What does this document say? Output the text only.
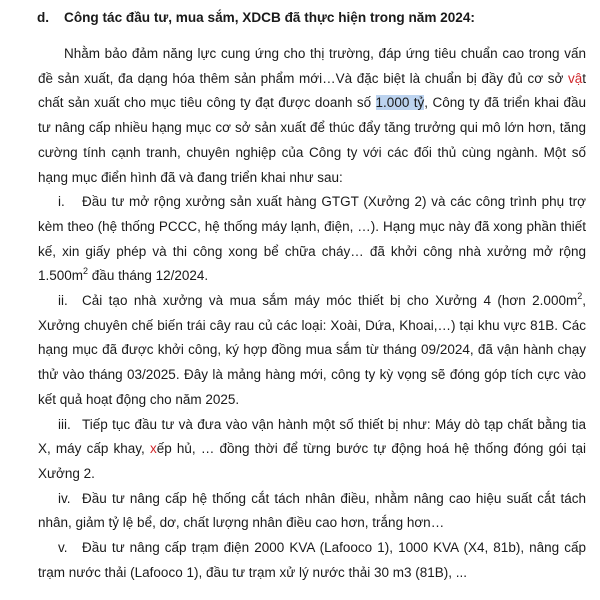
d. Công tác đầu tư, mua sắm, XDCB đã thực hiện trong năm 2024:

Nhằm bảo đảm năng lực cung ứng cho thị trường, đáp ứng tiêu chuẩn cao trong vấn đề sản xuất, đa dạng hóa thêm sản phẩm mới…Và đặc biệt là chuẩn bị đầy đủ cơ sở vật chất sản xuất cho mục tiêu công ty đạt được doanh số 1.000 tỷ, Công ty đã triển khai đầu tư nâng cấp nhiều hạng mục cơ sở sản xuất để thúc đẩy tăng trưởng qui mô lớn hơn, tăng cường tính cạnh tranh, chuyên nghiệp của Công ty với các đối thủ cùng ngành. Một số hạng mục điển hình đã và đang triển khai như sau:

i. Đầu tư mở rộng xưởng sản xuất hàng GTGT (Xưởng 2) và các công trình phụ trợ kèm theo (hệ thống PCCC, hệ thống máy lạnh, điện, …). Hạng mục này đã xong phần thiết kế, xin giấy phép và thi công xong bể chữa cháy… đã khởi công nhà xưởng mở rộng $1.500m^2$ đầu tháng 12/2024.

ii. Cải tạo nhà xưởng và mua sắm máy móc thiết bị cho Xưởng 4 (hơn $2.000m^2$, Xưởng chuyên chế biến trái cây rau củ các loại: Xoài, Dứa, Khoai,…) tại khu vực 81B. Các hạng mục đã được khởi công, ký hợp đồng mua sắm từ tháng 09/2024, đã vận hành chạy thử vào tháng 03/2025. Đây là mảng hàng mới, công ty kỳ vọng sẽ đóng góp tích cực vào kết quả hoạt động cho năm 2025.

iii. Tiếp tục đầu tư và đưa vào vận hành một số thiết bị như: Máy dò tạp chất bằng tia X, máy cấp khay, xếp hủ, … đồng thời để từng bước tự động hoá hệ thống đóng gói tại Xưởng 2.

iv. Đầu tư nâng cấp hệ thống cắt tách nhân điều, nhằm nâng cao hiệu suất cắt tách nhân, giảm tỷ lệ bể, dơ, chất lượng nhân điều cao hơn, trắng hơn…

v. Đầu tư nâng cấp trạm điện 2000 KVA (Lafooco 1), 1000 KVA (X4, 81b), nâng cấp trạm nước thải (Lafooco 1), đầu tư trạm xử lý nước thải 30 m3 (81B), ...
